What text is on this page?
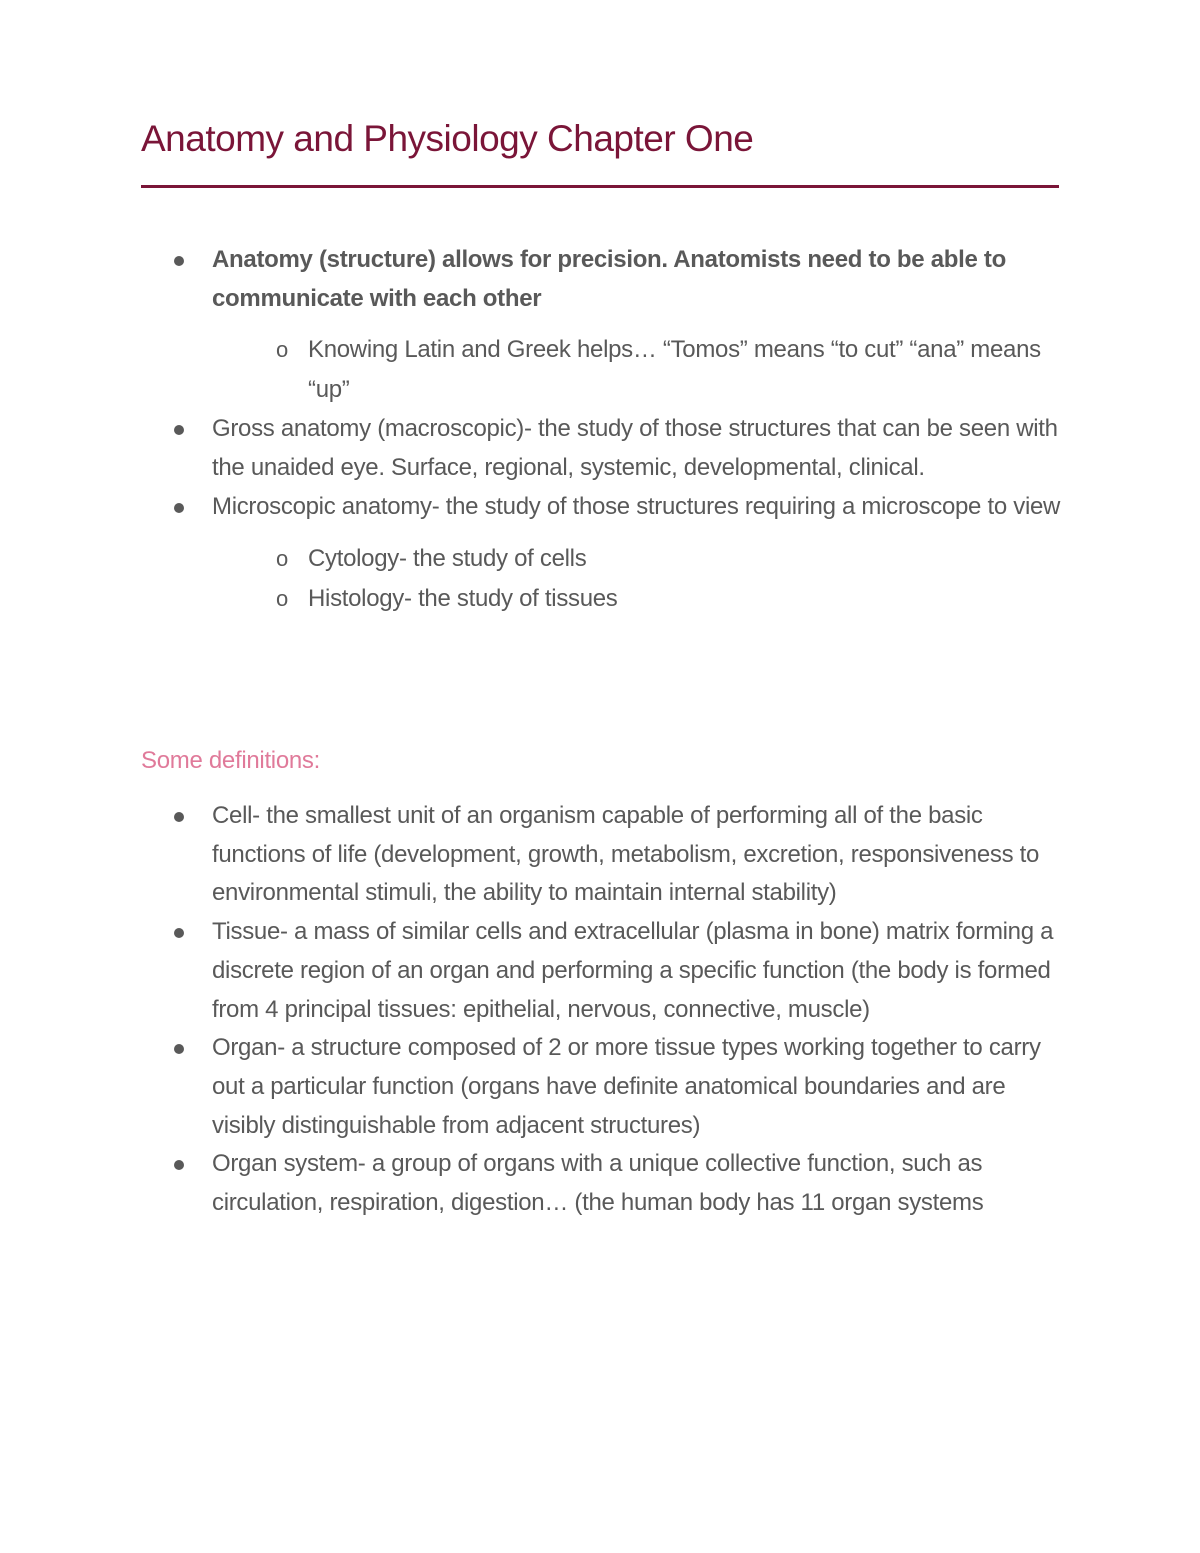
Anatomy and Physiology Chapter One
Anatomy (structure) allows for precision. Anatomists need to be able to communicate with each other
o Knowing Latin and Greek helps… “Tomos” means “to cut” “ana” means “up”
Gross anatomy (macroscopic)- the study of those structures that can be seen with the unaided eye. Surface, regional, systemic, developmental, clinical.
Microscopic anatomy- the study of those structures requiring a microscope to view
o Cytology- the study of cells
o Histology- the study of tissues
Some definitions:
Cell- the smallest unit of an organism capable of performing all of the basic functions of life (development, growth, metabolism, excretion, responsiveness to environmental stimuli, the ability to maintain internal stability)
Tissue- a mass of similar cells and extracellular (plasma in bone) matrix forming a discrete region of an organ and performing a specific function (the body is formed from 4 principal tissues: epithelial, nervous, connective, muscle)
Organ- a structure composed of 2 or more tissue types working together to carry out a particular function (organs have definite anatomical boundaries and are visibly distinguishable from adjacent structures)
Organ system- a group of organs with a unique collective function, such as circulation, respiration, digestion… (the human body has 11 organ systems
